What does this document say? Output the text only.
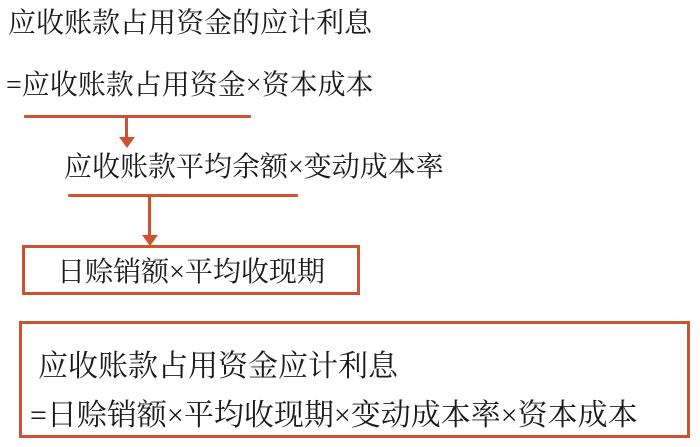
应收账款占用资金的应计利息
=应收账款占用资金×资本成本
应收账款平均余额×变动成本率
日赊销额×平均收现期
应收账款占用资金应计利息
=日赊销额×平均收现期×变动成本率×资本成本
